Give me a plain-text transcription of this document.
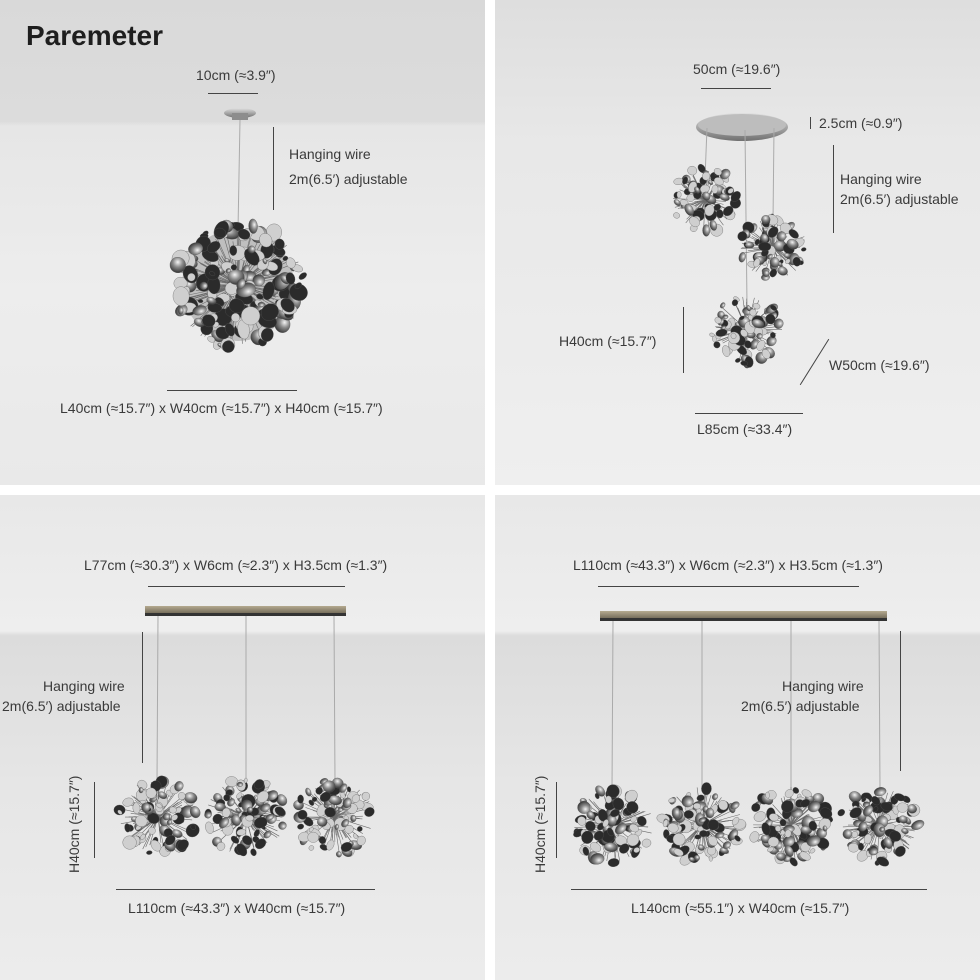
Paremeter
10cm (≈3.9″)
Hanging wire
2m(6.5′) adjustable
L40cm (≈15.7″) x W40cm (≈15.7″) x H40cm (≈15.7″)
50cm (≈19.6″)
2.5cm (≈0.9″)
Hanging wire
2m(6.5′) adjustable
H40cm (≈15.7″)
W50cm (≈19.6″)
L85cm (≈33.4″)
L77cm (≈30.3″) x W6cm (≈2.3″) x H3.5cm (≈1.3″)
Hanging wire
2m(6.5′) adjustable
H40cm (≈15.7″)
L110cm (≈43.3″) x W40cm (≈15.7″)
L110cm (≈43.3″) x W6cm (≈2.3″) x H3.5cm (≈1.3″)
Hanging wire
2m(6.5′) adjustable
H40cm (≈15.7″)
L140cm (≈55.1″) x W40cm (≈15.7″)
